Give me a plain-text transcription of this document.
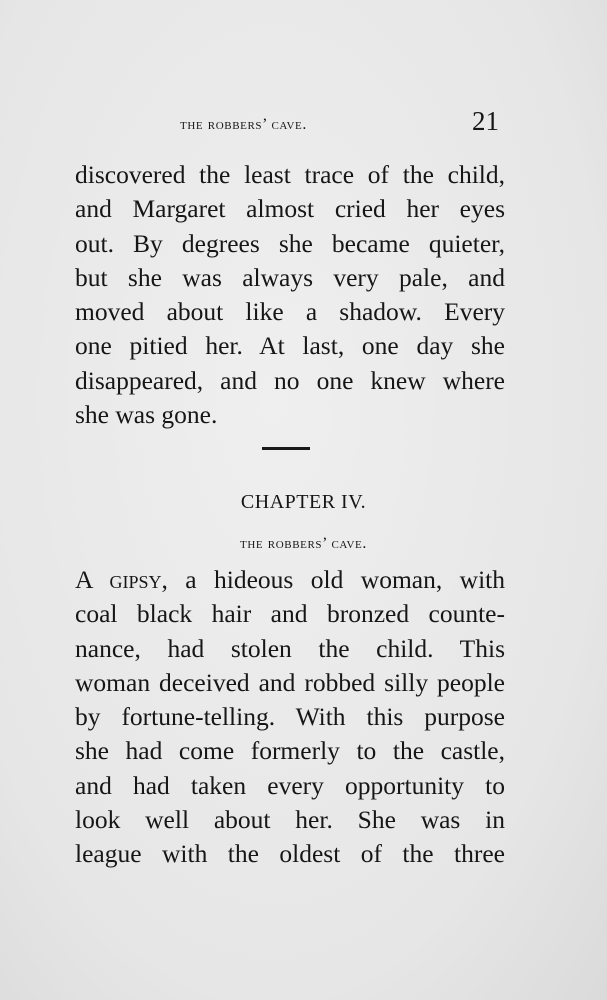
the robbers’ cave.	21
discovered the least trace of the child,
and Margaret almost cried her eyes
out. By degrees she became quieter,
but she was always very pale, and
moved about like a shadow. Every
one pitied her. At last, one day she
disappeared, and no one knew where
she was gone.
CHAPTER IV.
the robbers’ cave.
A gipsy, a hideous old woman, with
coal black hair and bronzed counte-
nance, had stolen the child. This
woman deceived and robbed silly people
by fortune-telling. With this purpose
she had come formerly to the castle,
and had taken every opportunity to
look well about her. She was in
league with the oldest of the three
